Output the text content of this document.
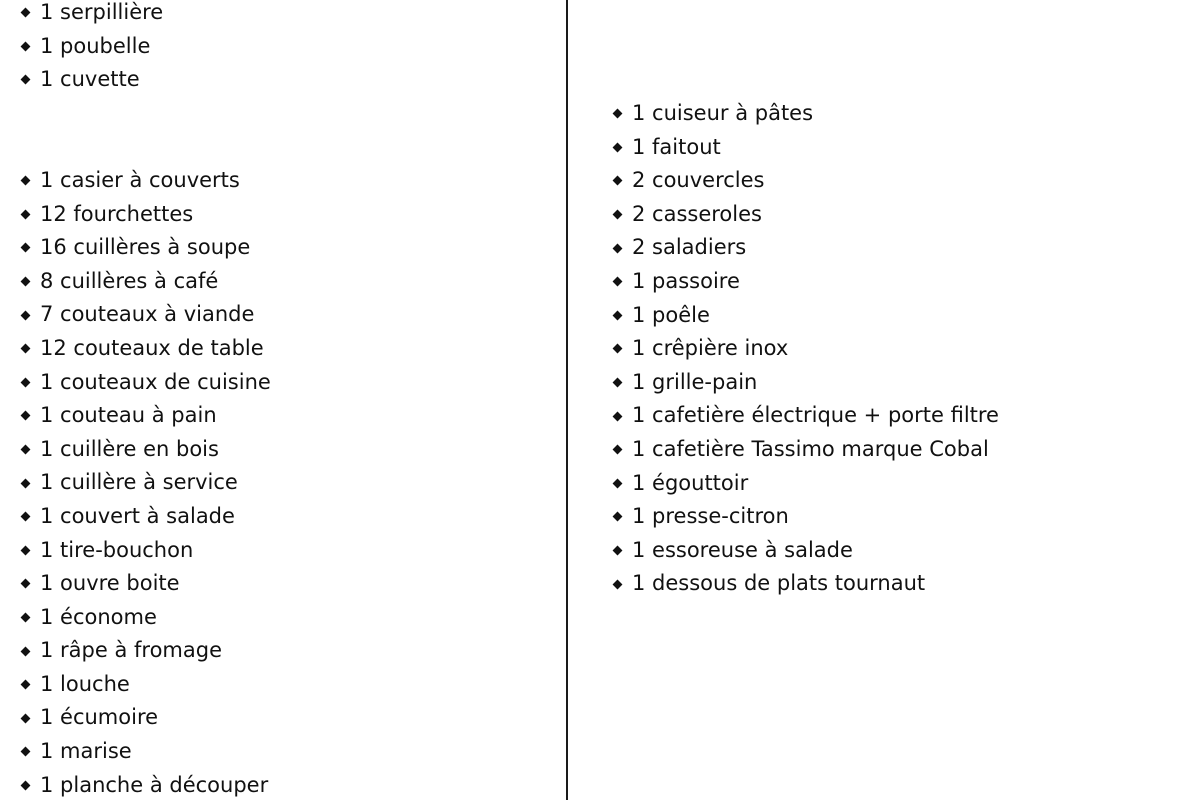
1 serpillière
1 poubelle
1 cuvette
1 casier à couverts
12 fourchettes
16 cuillères à soupe
8 cuillères à café
7 couteaux à viande
12 couteaux de table
1 couteaux de cuisine
1 couteau à pain
1 cuillère en bois
1 cuillère à service
1 couvert à salade
1 tire-bouchon
1 ouvre boite
1 économe
1 râpe à fromage
1 louche
1 écumoire
1 marise
1 planche à découper
1 cuiseur à pâtes
1 faitout
2 couvercles
2 casseroles
2 saladiers
1 passoire
1 poêle
1 crêpière inox
1 grille-pain
1 cafetière électrique + porte filtre
1 cafetière Tassimo marque Cobal
1 égouttoir
1 presse-citron
1 essoreuse à salade
1 dessous de plats tournaut
